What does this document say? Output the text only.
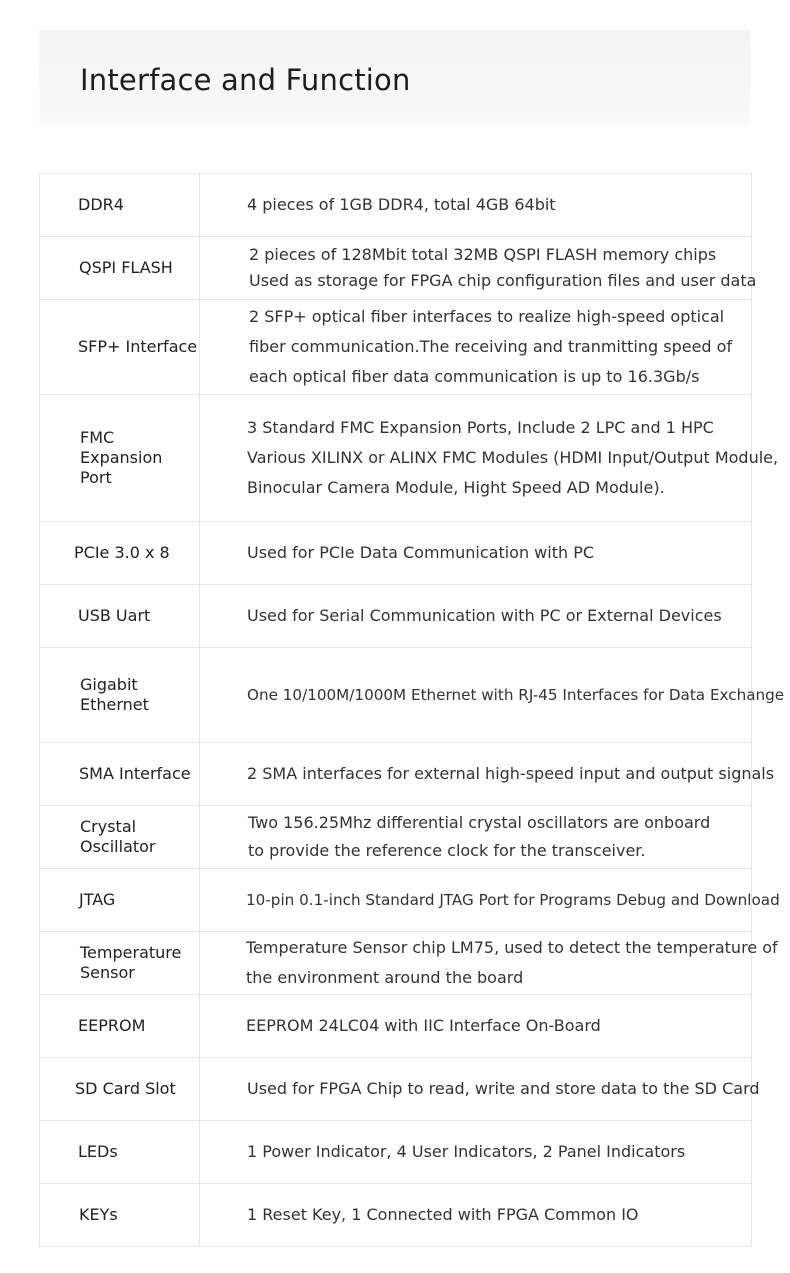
Interface and Function
DDR4	4 pieces of 1GB DDR4, total 4GB 64bit

QSPI FLASH	2 pieces of 128Mbit total 32MB QSPI FLASH memory chips
Used as storage for FPGA chip configuration files and user data

SFP+ Interface	2 SFP+ optical fiber interfaces to realize high-speed optical
fiber communication.The receiving and tranmitting speed of
each optical fiber data communication is up to 16.3Gb/s

FMC
Expansion
Port	3 Standard FMC Expansion Ports, Include 2 LPC and 1 HPC
Various XILINX or ALINX FMC Modules (HDMI Input/Output Module,
Binocular Camera Module, Hight Speed AD Module).

PCIe 3.0 x 8	Used for PCIe Data Communication with PC

USB Uart	Used for Serial Communication with PC or External Devices

Gigabit
Ethernet	One 10/100M/1000M Ethernet with RJ-45 Interfaces for Data Exchange

SMA Interface	2 SMA interfaces for external high-speed input and output signals

Crystal
Oscillator	Two 156.25Mhz differential crystal oscillators are onboard
to provide the reference clock for the transceiver.

JTAG	10-pin 0.1-inch Standard JTAG Port for Programs Debug and Download

Temperature
Sensor	Temperature Sensor chip LM75, used to detect the temperature of
the environment around the board

EEPROM	EEPROM 24LC04 with IIC Interface On-Board

SD Card Slot	Used for FPGA Chip to read, write and store data to the SD Card

LEDs	1 Power Indicator, 4 User Indicators, 2 Panel Indicators

KEYs	1 Reset Key, 1 Connected with FPGA Common IO
